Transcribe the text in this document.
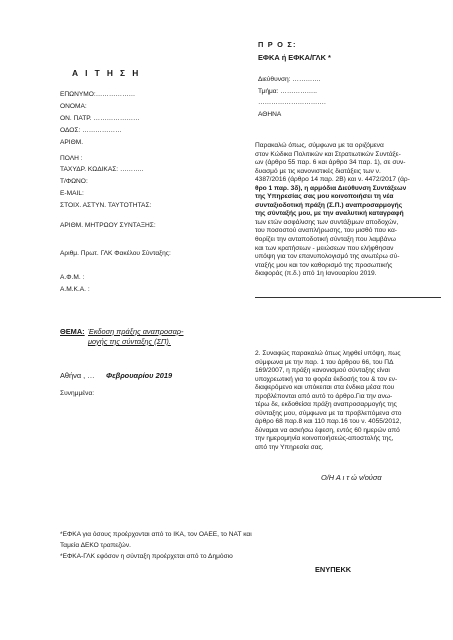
Π Ρ Ο Σ:
ΕΦΚΑ ή ΕΦΚΑ/ΓΛΚ *
Διεύθυνση: ………….
Τμήμα: ……………..
………………………….
ΑΘΗΝΑ
Α Ι Τ Η Σ Η
ΕΠΩΝΥΜΟ:………………
ΟΝΟΜΑ:
ΟΝ. ΠΑΤΡ. …………………
ΟΔΟΣ: ………………
ΑΡΙΘΜ.
ΠΟΛΗ :
ΤΑΧΥΔΡ. ΚΩΔΙΚΑΣ: ………..
Τ/ΦΩΝΟ:
E-MAIL:
ΣΤΟΙΧ. ΑΣΤΥΝ. ΤΑΥΤΟΤΗΤΑΣ:
ΑΡΙΘΜ. ΜΗΤΡΩΟΥ ΣΥΝΤΑΞΗΣ:
Αριθμ. Πρωτ. ΓΛΚ Φακέλου Σύνταξης:
Α.Φ.Μ. :
Α.Μ.Κ.Α. :
ΘΕΜΑ: Έκδοση πράξης αναπροσαρ-
μογής της σύνταξης (ΣΠ).
Αθήνα , … Φεβρουαρίου 2019
Συνημμένα:

Παρακαλώ όπως, σύμφωνα με τα οριζόμενα

στον Κώδικα Πολιτικών και Στρατιωτικών Συντάξε-

ων (άρθρο 55 παρ. 6 και άρθρο 34 παρ. 1), σε συν-

δυασμό με τις κανονιστικές διατάξεις των ν.

4387/2016 (άρθρο 14 παρ. 2Β) και ν. 4472/2017 (άρ-

θρο 1 παρ. 3δ), η αρμόδια Διεύθυνση Συντάξεων

της Υπηρεσίας σας μου κοινοποιήσει τη νέα

συνταξιοδοτική πράξη (Σ.Π.) αναπροσαρμογής

της σύνταξής μου, με την αναλυτική καταγραφή

των ετών ασφάλισης των συντάξιμων αποδοχών,

του ποσοστού αναπλήρωσης, του μισθό που κα-

θορίζει την ανταποδοτική σύνταξη που λαμβάνω

και των κρατήσεων - μειώσεων που ελήφθησαν

υπόψη για τον επανυπολογισμό της ανωτέρω σύ-

νταξής μου και τον καθορισμό της προσωπικής

διαφοράς (π.δ.) από 1η Ιανουαρίου 2019.

2. Συναφώς παρακαλώ όπως ληφθεί υπόψη, πως

σύμφωνα με την παρ. 1 του άρθρου 66, του ΠΔ

169/2007, η πράξη κανονισμού σύνταξης είναι

υποχρεωτική για το φορέα έκδοσής του & τον εν-

διαφερόμενο και υπόκειται στα ένδικα μέσα που

προβλέπονται από αυτό το άρθρο.Για την ανω-

τέρω δε, εκδοθείσα πράξη αναπροσαρμογής της

σύνταξης μου, σύμφωνα με τα προβλεπόμενα στο

άρθρο 68 παρ.8 και 110 παρ.16 του ν. 4055/2012,

δύναμαι να ασκήσω έφεση, εντός 60 ημερών από

την ημερομηνία κοινοποιήσεώς-αποστολής της,

από την Υπηρεσία σας.

Ο/Η Α ι τ ώ ν/ούσα
*ΕΦΚΑ για όσους προέρχονται από το ΙΚΑ, τον ΟΑΕΕ, το ΝΑΤ και
Ταμεία ΔΕΚΟ τραπεζών.
*ΕΦΚΑ-ΓΛΚ εφόσον η σύνταξη προέρχεται από το Δημόσιο
ΕΝΥΠΕΚΚ
